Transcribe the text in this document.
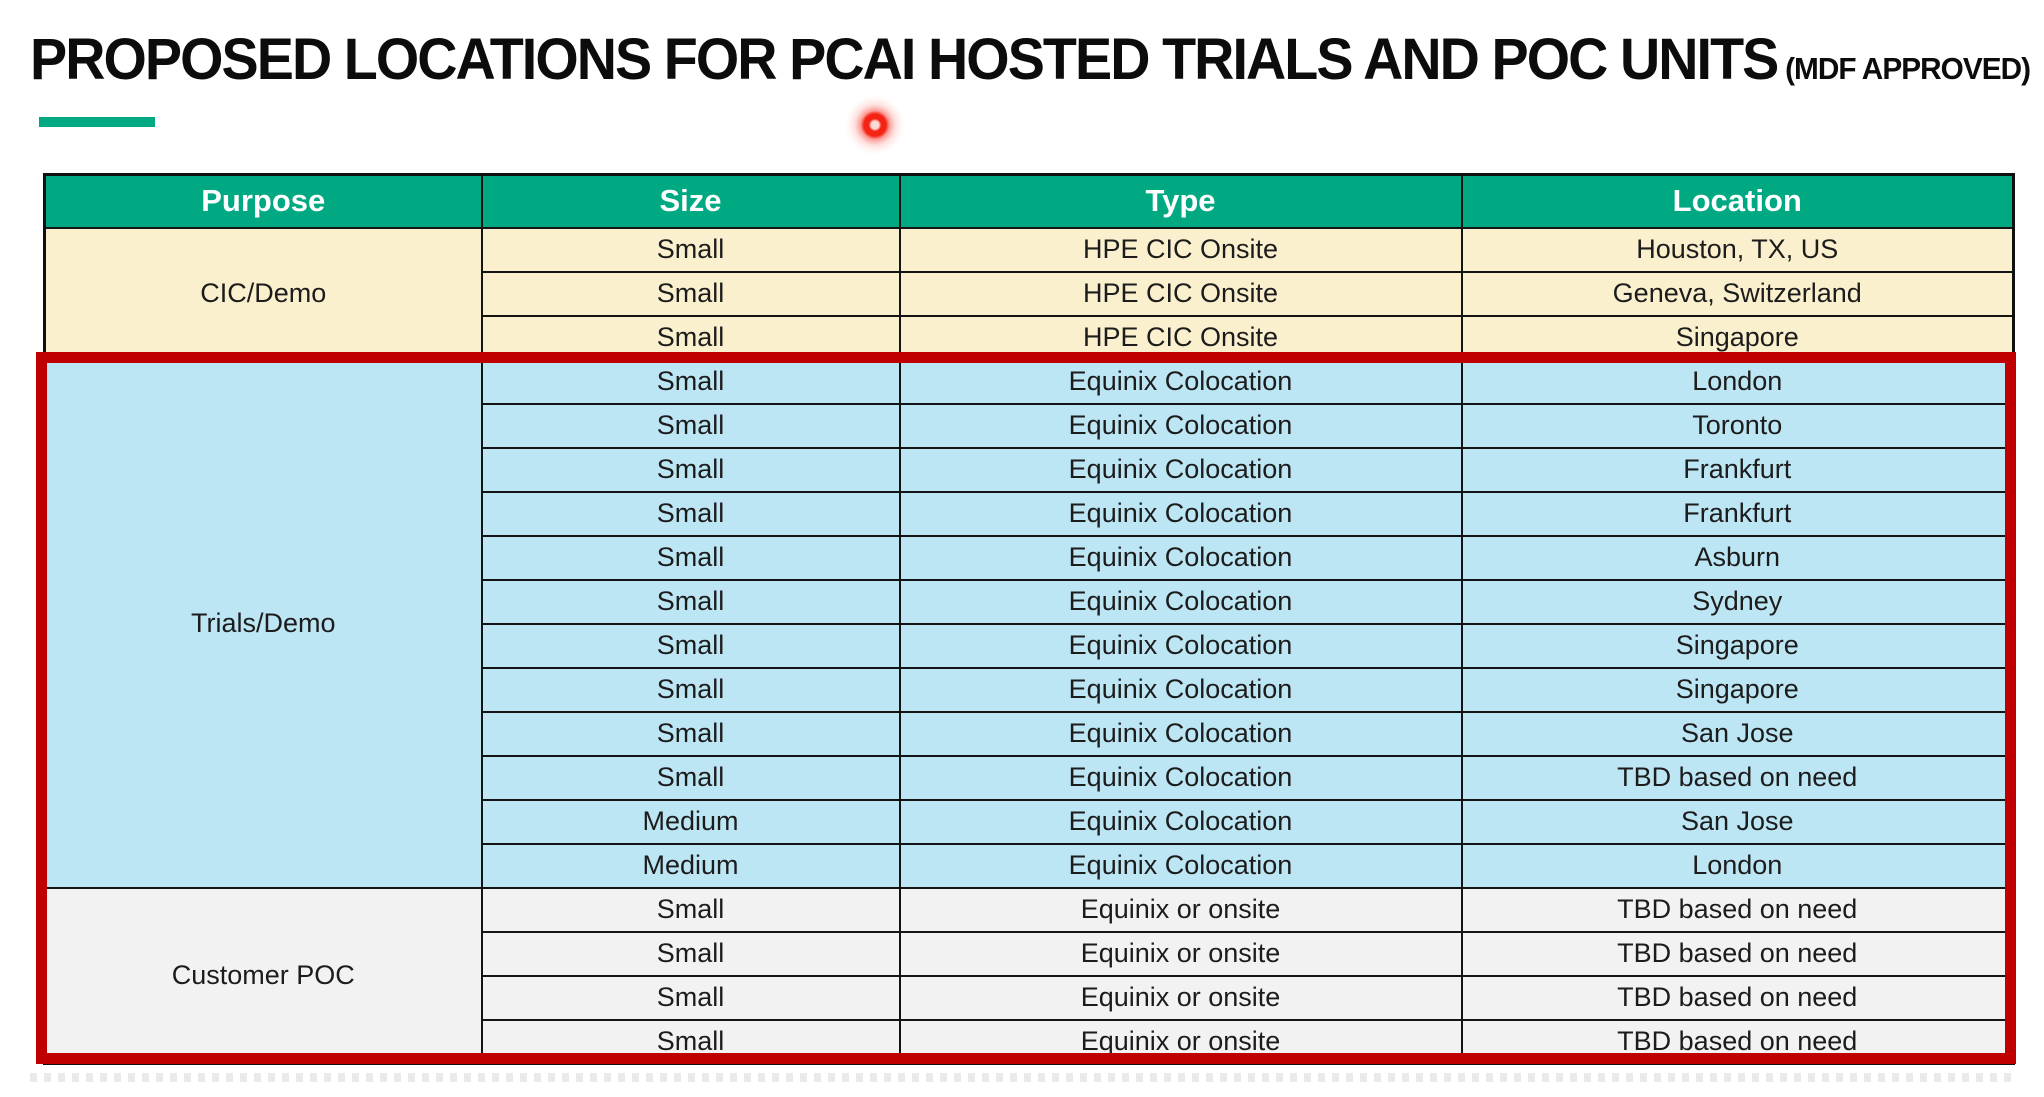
PROPOSED LOCATIONS FOR PCAI HOSTED TRIALS AND POC UNITS (MDF APPROVED)
Purpose	Size	Type	Location
CIC/Demo	Small	HPE CIC Onsite	Houston, TX, US
	Small	HPE CIC Onsite	Geneva, Switzerland
	Small	HPE CIC Onsite	Singapore
Trials/Demo	Small	Equinix Colocation	London
	Small	Equinix Colocation	Toronto
	Small	Equinix Colocation	Frankfurt
	Small	Equinix Colocation	Frankfurt
	Small	Equinix Colocation	Asburn
	Small	Equinix Colocation	Sydney
	Small	Equinix Colocation	Singapore
	Small	Equinix Colocation	Singapore
	Small	Equinix Colocation	San Jose
	Small	Equinix Colocation	TBD based on need
	Medium	Equinix Colocation	San Jose
	Medium	Equinix Colocation	London
Customer POC	Small	Equinix or onsite	TBD based on need
	Small	Equinix or onsite	TBD based on need
	Small	Equinix or onsite	TBD based on need
	Small	Equinix or onsite	TBD based on need
